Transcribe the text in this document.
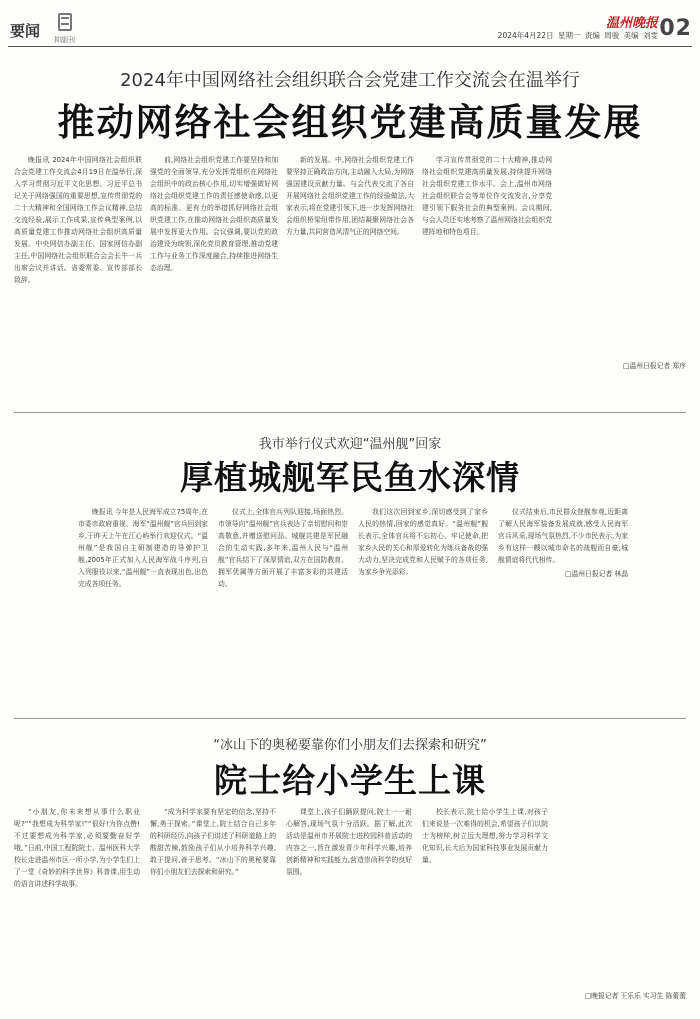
要闻 抑副刊
温州晚报
2024年4月22日 星期一 责编 周骏 美编 刘雯 02
2024年中国网络社会组织联合会党建工作交流会在温举行
推动网络社会组织党建高质量发展

晚报讯 2024年中国网络社会组织联合会党建工作交流会4月19日在温举行,深入学习贯彻习近平文化思想、习近平总书记关于网络强国的重要思想,宣传贯彻党的二十大精神和全国网络工作会议精神,总结交流经验,展示工作成果,宣传典型案例,以高质量党建工作推动网络社会组织高质量发展。中央网信办副主任、国家网信办副主任,中国网络社会组织联合会会长牛一兵出席会议并讲话。省委常委、宣传部部长致辞。

前,网络社会组织党建工作要坚持和加强党的全面领导,充分发挥党组织在网络社会组织中的政治核心作用,切实增强做好网络社会组织党建工作的责任感使命感,以更高的标准、更有力的举措抓好网络社会组织党建工作,在推动网络社会组织高质量发展中发挥更大作用。会议强调,要以党的政治建设为统领,深化党员教育管理,推动党建工作与业务工作深度融合,持续推进网络生态治理。

新的发展。中,网络社会组织党建工作要坚持正确政治方向,主动融入大局,为网络强国建设贡献力量。与会代表交流了各自开展网络社会组织党建工作的经验做法,大家表示,将在党建引领下,进一步发挥网络社会组织桥梁纽带作用,团结凝聚网络社会各方力量,共同营造风清气正的网络空间。

学习宣传贯彻党的二十大精神,推动网络社会组织党建高质量发展,持续提升网络社会组织党建工作水平。会上,温州市网络社会组织联合会等单位作交流发言,分享党建引领下服务社会的典型案例。会议期间,与会人员还实地考察了温州网络社会组织党建阵地和特色项目。

□温州日报记者 郑序
我市举行仪式欢迎“温州舰”回家
厚植城舰军民鱼水深情

晚报讯 今年是人民海军成立75周年,在市委市政府重视、海军“温州舰”官兵回到家乡,于昨天上午在江心屿举行欢迎仪式。“温州舰”是我国自主研制建造的导弹护卫舰,2005年正式加入人民海军战斗序列,自入列服役以来,“温州舰”一直表现出色,出色完成各项任务。

仪式上,全体官兵列队迎接,场面热烈。市领导向“温州舰”官兵表达了亲切慰问和崇高敬意,并赠送慰问品。城舰共建是军民融合的生动实践,多年来,温州人民与“温州舰”官兵结下了深厚情谊,双方在国防教育、拥军优属等方面开展了丰富多彩的共建活动。

我们这次回到家乡,深切感受到了家乡人民的热情,回家的感觉真好。“温州舰”舰长表示,全体官兵将不忘初心、牢记使命,把家乡人民的关心和厚爱转化为练兵备战的强大动力,坚决完成党和人民赋予的各项任务,为家乡争光添彩。

仪式结束后,市民群众登舰参观,近距离了解人民海军装备发展成就,感受人民海军官兵风采,现场气氛热烈,不少市民表示,为家乡有这样一艘以城市命名的战舰而自豪,城舰情谊将代代相传。

□温州日报记者 林晶
“冰山下的奥秘要靠你们小朋友们去探索和研究”
院士给小学生上课

“小朋友,你未来想从事什么职业呢?”“我想成为科学家!”“很好!为你点赞!不过要想成为科学家,必须要勤奋好学哦。”日前,中国工程院院士、温州医科大学校长走进温州市区一所小学,为小学生们上了一堂《奇妙的科学世界》科普课,用生动的语言讲述科学故事。

“成为科学家要有坚定的信念,坚持不懈,勇于探索。”课堂上,院士结合自己多年的科研经历,向孩子们讲述了科研道路上的酸甜苦辣,鼓励孩子们从小培养科学兴趣,敢于提问,善于思考。“冰山下的奥秘要靠你们小朋友们去探索和研究。”

课堂上,孩子们踊跃提问,院士一一耐心解答,现场气氛十分活跃。据了解,此次活动是温州市开展院士进校园科普活动的内容之一,旨在激发青少年科学兴趣,培养创新精神和实践能力,营造崇尚科学的良好氛围。

校长表示,院士给小学生上课,对孩子们来说是一次难得的机会,希望孩子们以院士为榜样,树立远大理想,努力学习科学文化知识,长大后为国家科技事业发展贡献力量。

□晚报记者 王乐乐 实习生 陈蕾蕾
